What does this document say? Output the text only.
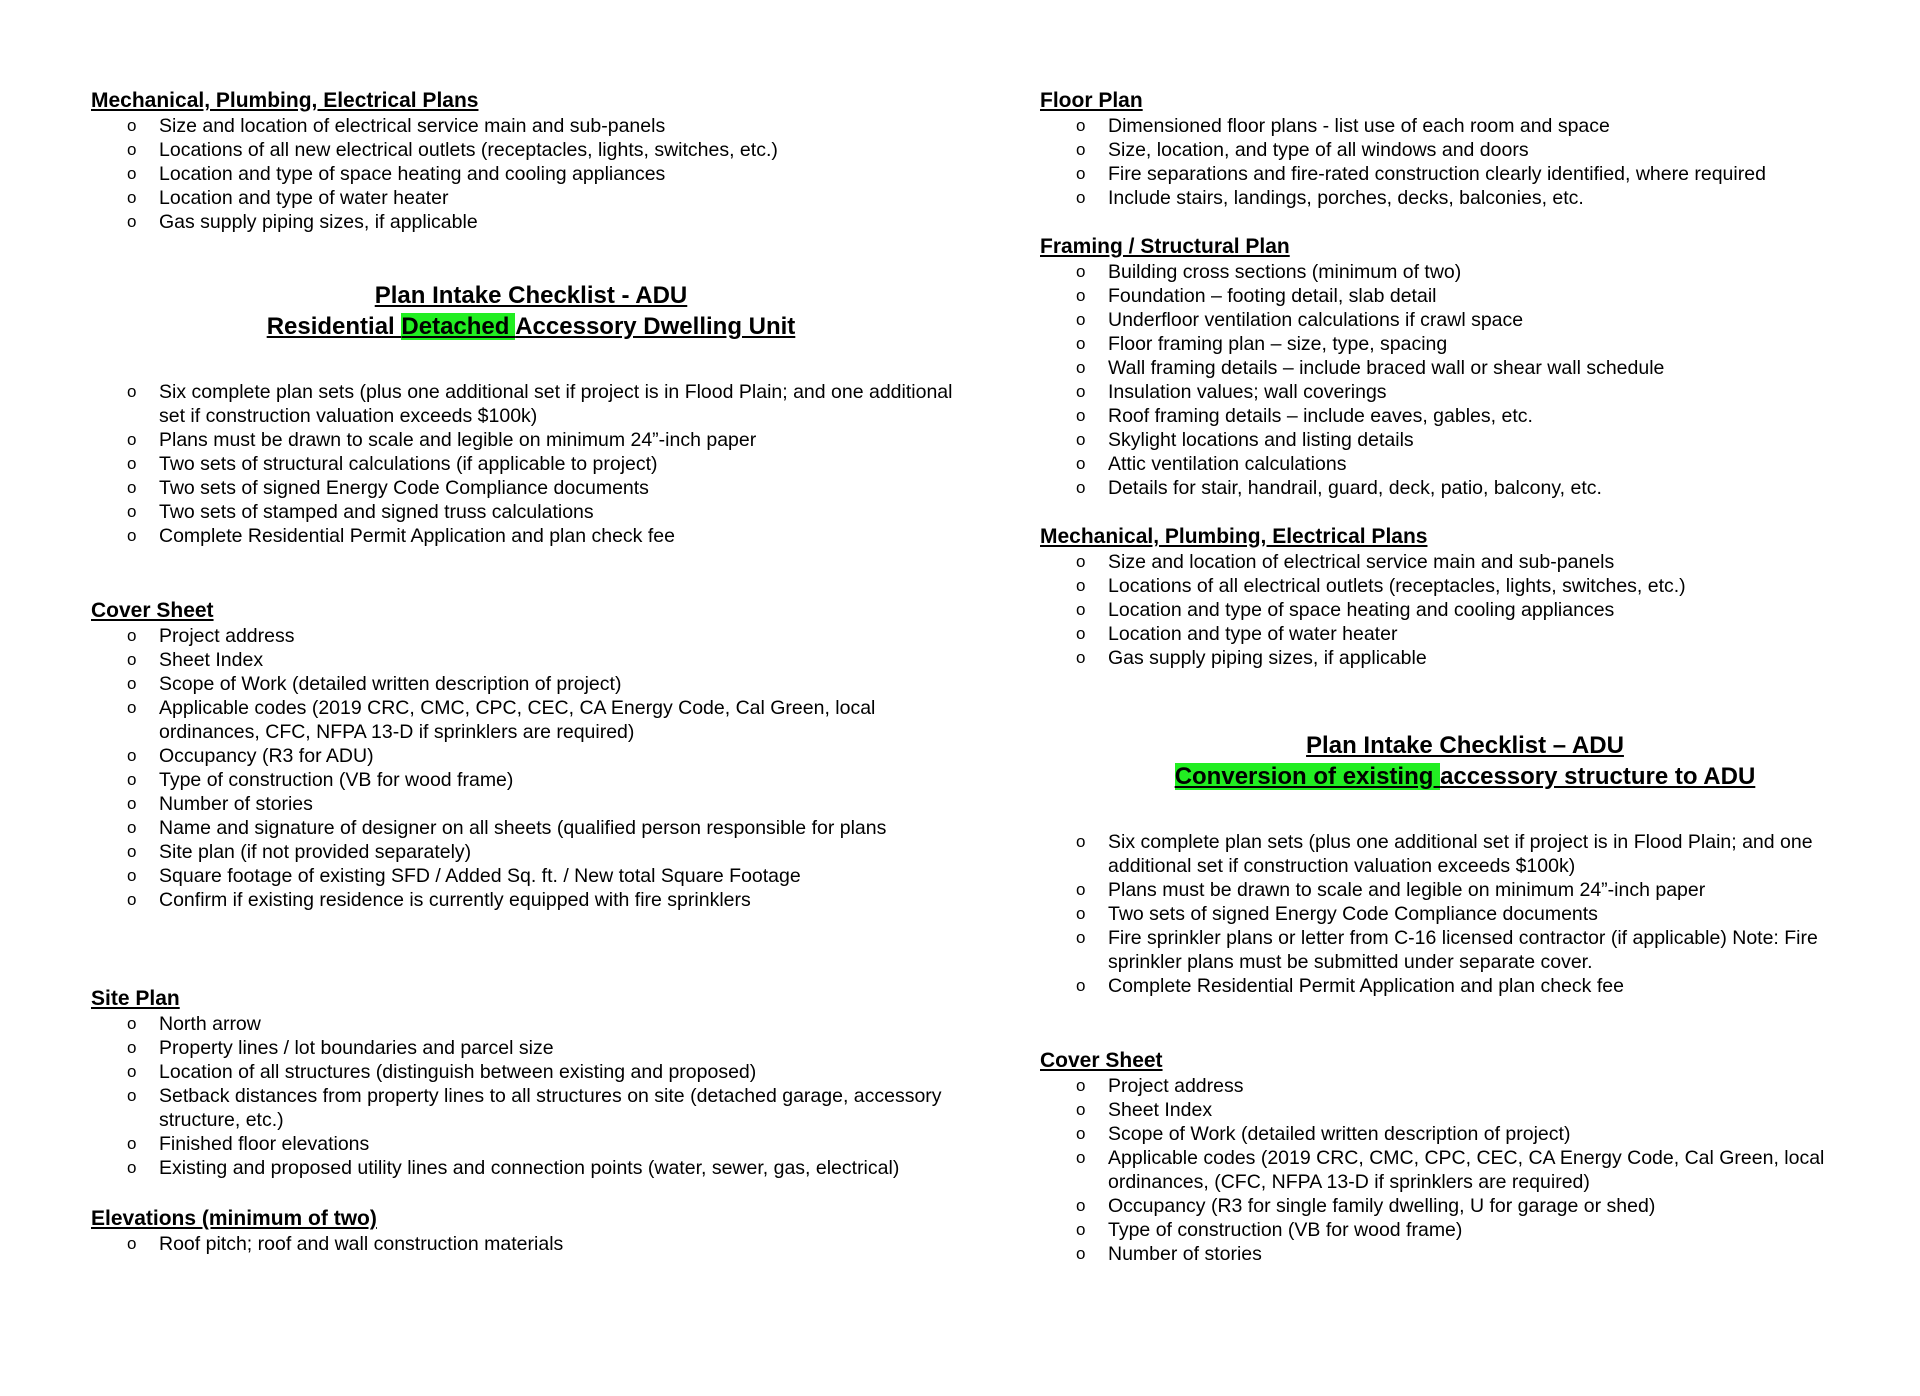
Mechanical, Plumbing, Electrical Plans
o Size and location of electrical service main and sub-panels
o Locations of all new electrical outlets (receptacles, lights, switches, etc.)
o Location and type of space heating and cooling appliances
o Location and type of water heater
o Gas supply piping sizes, if applicable
Plan Intake Checklist - ADU
Residential Detached Accessory Dwelling Unit
o Six complete plan sets (plus one additional set if project is in Flood Plain; and one additional set if construction valuation exceeds $100k)
o Plans must be drawn to scale and legible on minimum 24”-inch paper
o Two sets of structural calculations (if applicable to project)
o Two sets of signed Energy Code Compliance documents
o Two sets of stamped and signed truss calculations
o Complete Residential Permit Application and plan check fee
Cover Sheet
o Project address
o Sheet Index
o Scope of Work (detailed written description of project)
o Applicable codes (2019 CRC, CMC, CPC, CEC, CA Energy Code, Cal Green, local ordinances, CFC, NFPA 13-D if sprinklers are required)
o Occupancy (R3 for ADU)
o Type of construction (VB for wood frame)
o Number of stories
o Name and signature of designer on all sheets (qualified person responsible for plans
o Site plan (if not provided separately)
o Square footage of existing SFD / Added Sq. ft. / New total Square Footage
o Confirm if existing residence is currently equipped with fire sprinklers
Site Plan
o North arrow
o Property lines / lot boundaries and parcel size
o Location of all structures (distinguish between existing and proposed)
o Setback distances from property lines to all structures on site (detached garage, accessory structure, etc.)
o Finished floor elevations
o Existing and proposed utility lines and connection points (water, sewer, gas, electrical)
Elevations (minimum of two)
o Roof pitch; roof and wall construction materials
Floor Plan
o Dimensioned floor plans - list use of each room and space
o Size, location, and type of all windows and doors
o Fire separations and fire-rated construction clearly identified, where required
o Include stairs, landings, porches, decks, balconies, etc.
Framing / Structural Plan
o Building cross sections (minimum of two)
o Foundation – footing detail, slab detail
o Underfloor ventilation calculations if crawl space
o Floor framing plan – size, type, spacing
o Wall framing details – include braced wall or shear wall schedule
o Insulation values; wall coverings
o Roof framing details – include eaves, gables, etc.
o Skylight locations and listing details
o Attic ventilation calculations
o Details for stair, handrail, guard, deck, patio, balcony, etc.
Mechanical, Plumbing, Electrical Plans
o Size and location of electrical service main and sub-panels
o Locations of all electrical outlets (receptacles, lights, switches, etc.)
o Location and type of space heating and cooling appliances
o Location and type of water heater
o Gas supply piping sizes, if applicable
Plan Intake Checklist – ADU
Conversion of existing accessory structure to ADU
o Six complete plan sets (plus one additional set if project is in Flood Plain; and one additional set if construction valuation exceeds $100k)
o Plans must be drawn to scale and legible on minimum 24”-inch paper
o Two sets of signed Energy Code Compliance documents
o Fire sprinkler plans or letter from C-16 licensed contractor (if applicable) Note: Fire sprinkler plans must be submitted under separate cover.
o Complete Residential Permit Application and plan check fee
Cover Sheet
o Project address
o Sheet Index
o Scope of Work (detailed written description of project)
o Applicable codes (2019 CRC, CMC, CPC, CEC, CA Energy Code, Cal Green, local ordinances, (CFC, NFPA 13-D if sprinklers are required)
o Occupancy (R3 for single family dwelling, U for garage or shed)
o Type of construction (VB for wood frame)
o Number of stories
